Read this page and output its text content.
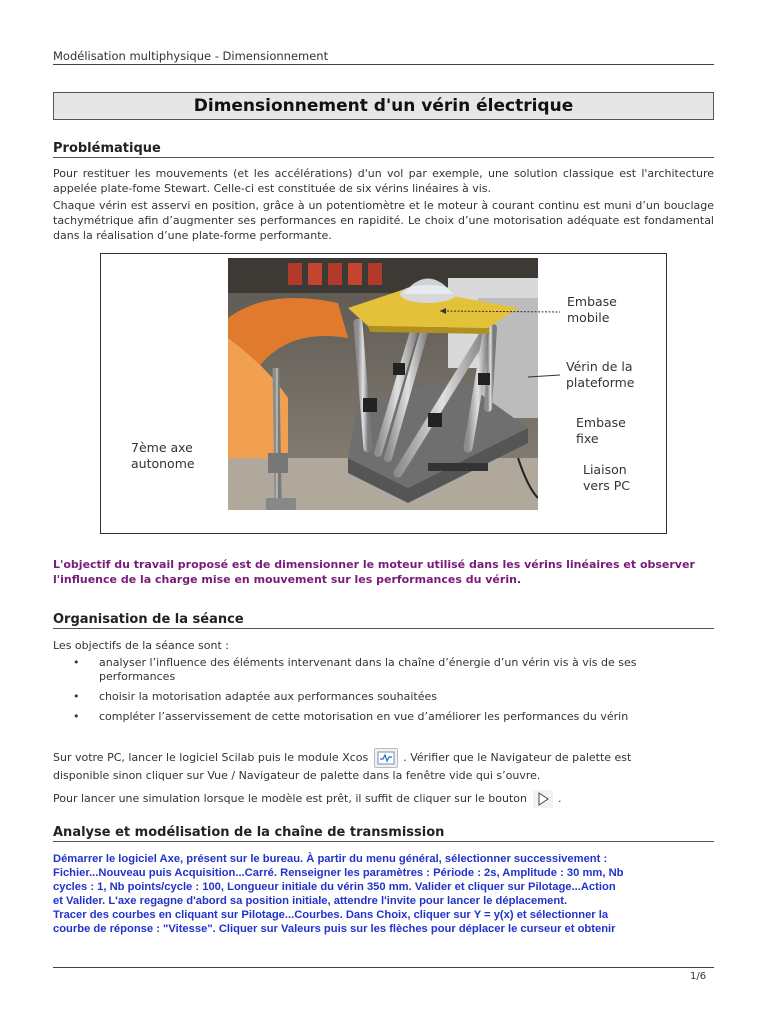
Modélisation multiphysique - Dimensionnement
Dimensionnement d'un vérin électrique
Problématique
Pour restituer les mouvements (et les accélérations) d'un vol par exemple, une solution classique est l'architecture appelée plate-fome Stewart. Celle-ci est constituée de six vérins linéaires à vis.
Chaque vérin est asservi en position, grâce à un potentiomètre et le moteur à courant continu est muni d’un bouclage tachymétrique afin d’augmenter ses performances en rapidité. Le choix d’une motorisation adéquate est fondamental dans la réalisation d’une plate-forme performante.
Embase
mobile
Vérin de la
plateforme
Embase
fixe
Liaison
vers PC
7ème axe
autonome
L'objectif du travail proposé est de dimensionner le moteur utilisé dans les vérins linéaires et observer l'influence de la charge mise en mouvement sur les performances du vérin.
Organisation de la séance
Les objectifs de la séance sont :
• analyser l’influence des éléments intervenant dans la chaîne d’énergie d’un vérin vis à vis de ses performances
• choisir la motorisation adaptée aux performances souhaitées
• compléter l’asservissement de cette motorisation en vue d’améliorer les performances du vérin
Sur votre PC, lancer le logiciel Scilab puis le module Xcos	. Vérifier que le Navigateur de palette est
disponible sinon cliquer sur Vue / Navigateur de palette dans la fenêtre vide qui s’ouvre.
Pour lancer une simulation lorsque le modèle est prêt, il suffit de cliquer sur le bouton	.
Analyse et modélisation de la chaîne de transmission
Démarrer le logiciel Axe, présent sur le bureau. À partir du menu général, sélectionner successivement :
Fichier...Nouveau puis Acquisition...Carré. Renseigner les paramètres : Période : 2s, Amplitude : 30 mm, Nb
cycles : 1, Nb points/cycle : 100, Longueur initiale du vérin 350 mm. Valider et cliquer sur Pilotage...Action
et Valider. L'axe regagne d'abord sa position initiale, attendre l'invite pour lancer le déplacement.
Tracer des courbes en cliquant sur Pilotage...Courbes. Dans Choix, cliquer sur Y = y(x) et sélectionner la
courbe de réponse : "Vitesse". Cliquer sur Valeurs puis sur les flèches pour déplacer le curseur et obtenir
1/6
